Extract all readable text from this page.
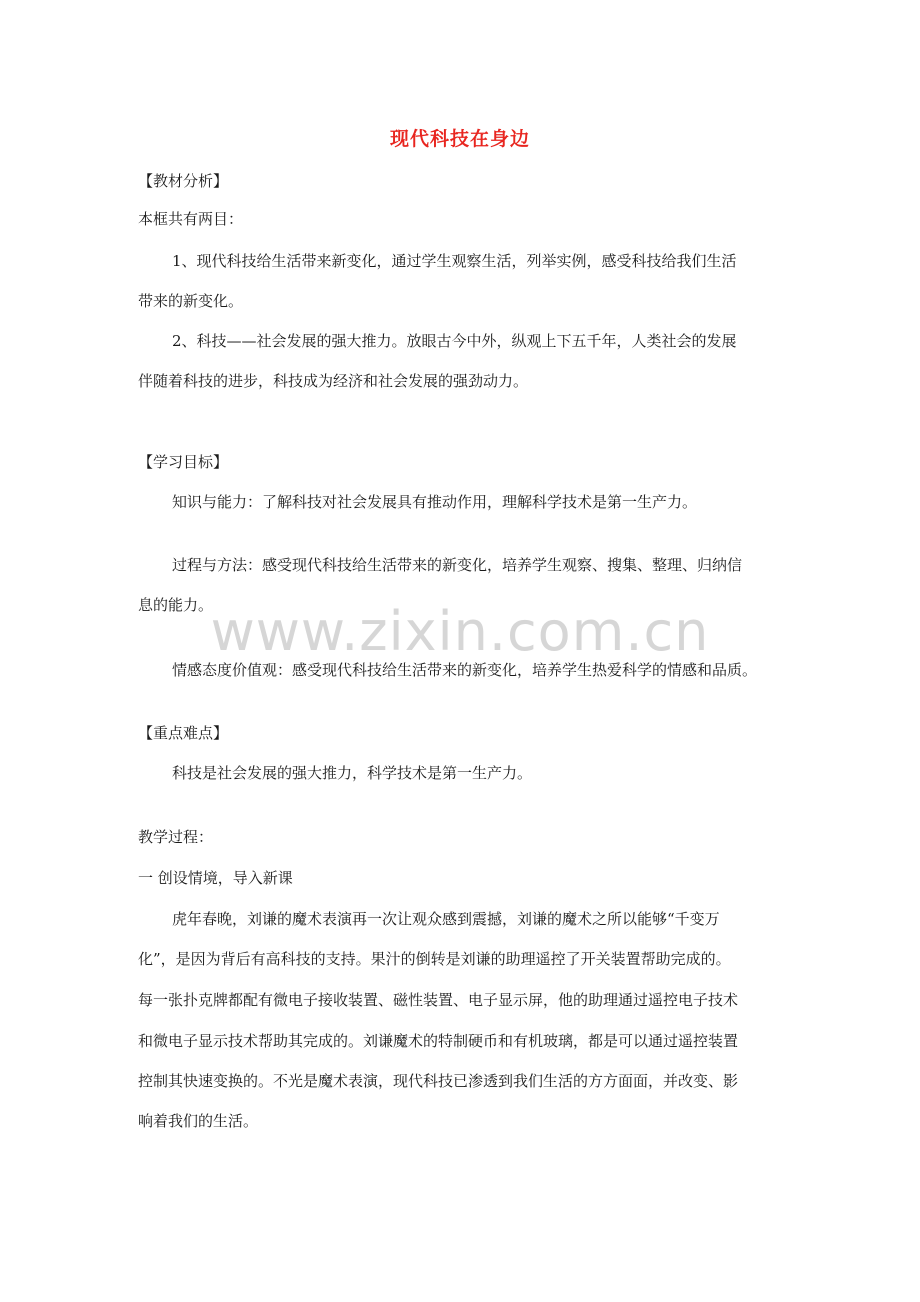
www.zixin.com.cn
现代科技在身边
【教材分析】
本框共有两目：
1、现代科技给生活带来新变化，通过学生观察生活，列举实例，感受科技给我们生活
带来的新变化。
2、科技——社会发展的强大推力。放眼古今中外，纵观上下五千年，人类社会的发展
伴随着科技的进步，科技成为经济和社会发展的强劲动力。
【学习目标】
知识与能力：了解科技对社会发展具有推动作用，理解科学技术是第一生产力。
过程与方法：感受现代科技给生活带来的新变化，培养学生观察、搜集、整理、归纳信
息的能力。
情感态度价值观：感受现代科技给生活带来的新变化，培养学生热爱科学的情感和品质。
【重点难点】
科技是社会发展的强大推力，科学技术是第一生产力。
教学过程：
一 创设情境，导入新课
虎年春晚，刘谦的魔术表演再一次让观众感到震撼，刘谦的魔术之所以能够“千变万
化”，是因为背后有高科技的支持。果汁的倒转是刘谦的助理遥控了开关装置帮助完成的。
每一张扑克牌都配有微电子接收装置、磁性装置、电子显示屏，他的助理通过遥控电子技术
和微电子显示技术帮助其完成的。刘谦魔术的特制硬币和有机玻璃，都是可以通过遥控装置
控制其快速变换的。不光是魔术表演，现代科技已渗透到我们生活的方方面面，并改变、影
响着我们的生活。
